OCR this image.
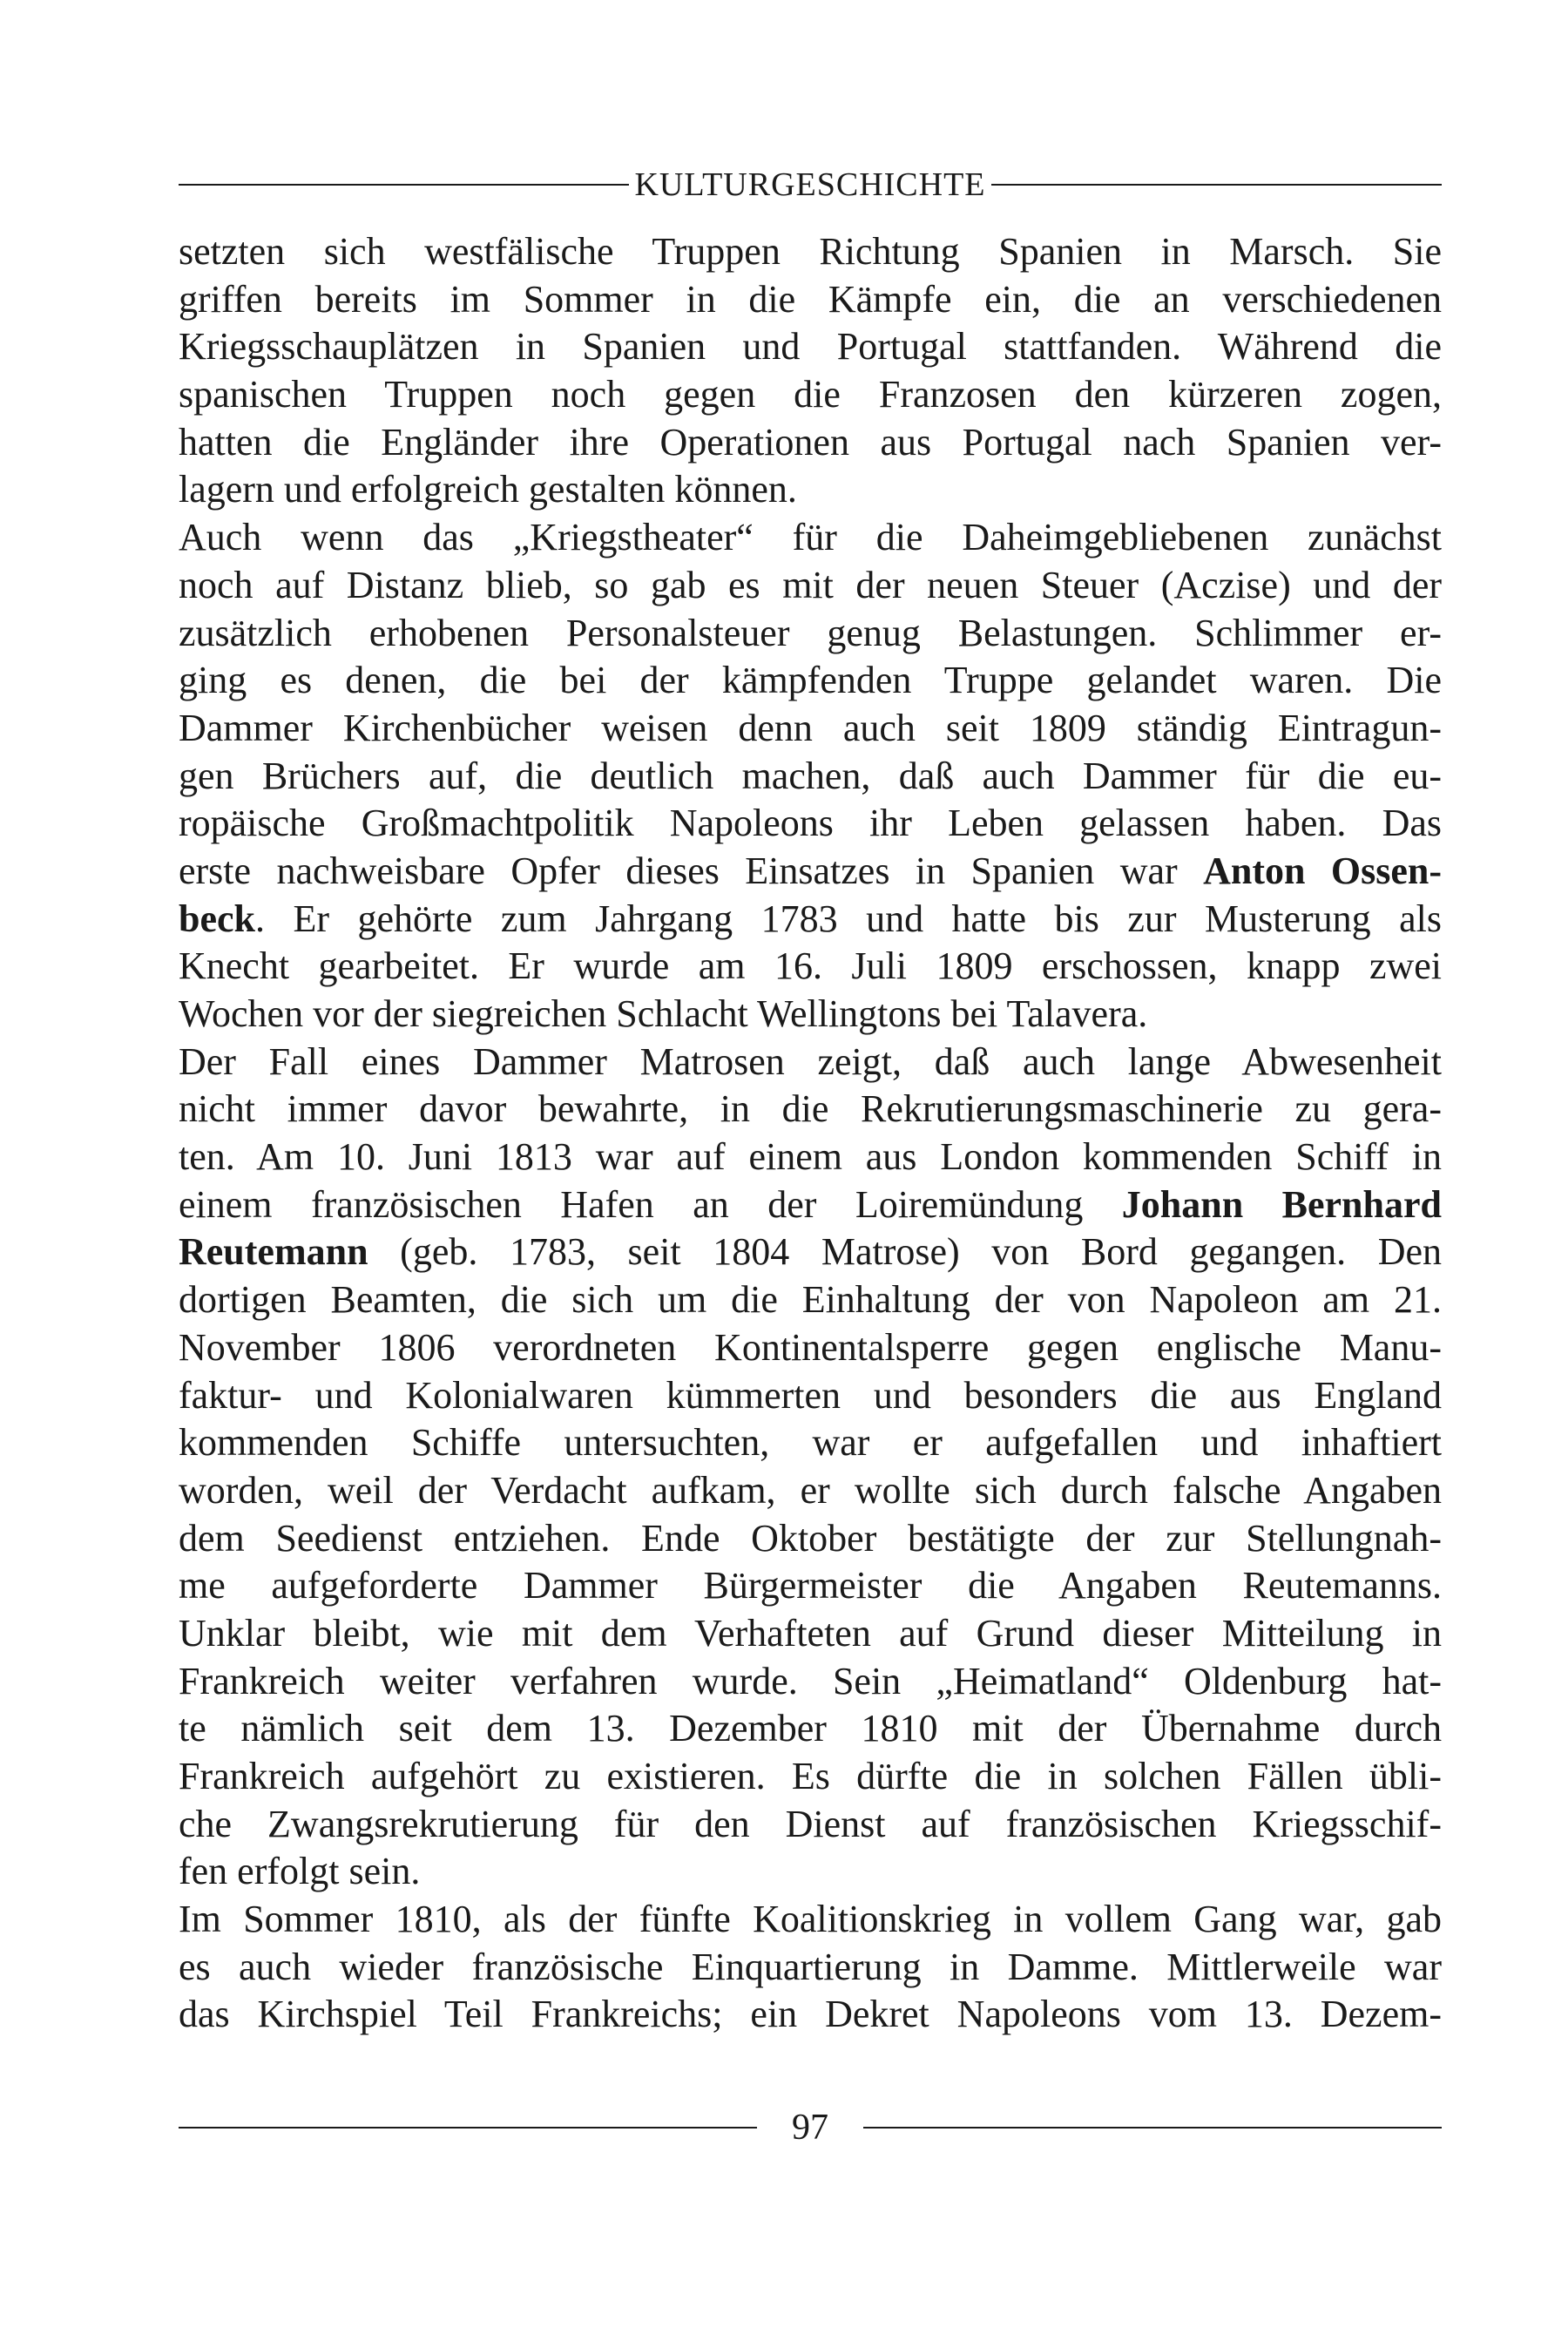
KULTURGESCHICHTE
setzten sich westfälische Truppen Richtung Spanien in Marsch. Sie
griffen bereits im Sommer in die Kämpfe ein, die an verschiedenen
Kriegsschauplätzen in Spanien und Portugal stattfanden. Während die
spanischen Truppen noch gegen die Franzosen den kürzeren zogen,
hatten die Engländer ihre Operationen aus Portugal nach Spanien ver-
lagern und erfolgreich gestalten können.
Auch wenn das „Kriegstheater“ für die Daheimgebliebenen zunächst
noch auf Distanz blieb, so gab es mit der neuen Steuer (Aczise) und der
zusätzlich erhobenen Personalsteuer genug Belastungen. Schlimmer er-
ging es denen, die bei der kämpfenden Truppe gelandet waren. Die
Dammer Kirchenbücher weisen denn auch seit 1809 ständig Eintragun-
gen Brüchers auf, die deutlich machen, daß auch Dammer für die eu-
ropäische Großmachtpolitik Napoleons ihr Leben gelassen haben. Das
erste nachweisbare Opfer dieses Einsatzes in Spanien war Anton Ossen-
beck. Er gehörte zum Jahrgang 1783 und hatte bis zur Musterung als
Knecht gearbeitet. Er wurde am 16. Juli 1809 erschossen, knapp zwei
Wochen vor der siegreichen Schlacht Wellingtons bei Talavera.
Der Fall eines Dammer Matrosen zeigt, daß auch lange Abwesenheit
nicht immer davor bewahrte, in die Rekrutierungsmaschinerie zu gera-
ten. Am 10. Juni 1813 war auf einem aus London kommenden Schiff in
einem französischen Hafen an der Loiremündung Johann Bernhard
Reutemann (geb. 1783, seit 1804 Matrose) von Bord gegangen. Den
dortigen Beamten, die sich um die Einhaltung der von Napoleon am 21.
November 1806 verordneten Kontinentalsperre gegen englische Manu-
faktur- und Kolonialwaren kümmerten und besonders die aus England
kommenden Schiffe untersuchten, war er aufgefallen und inhaftiert
worden, weil der Verdacht aufkam, er wollte sich durch falsche Angaben
dem Seedienst entziehen. Ende Oktober bestätigte der zur Stellungnah-
me aufgeforderte Dammer Bürgermeister die Angaben Reutemanns.
Unklar bleibt, wie mit dem Verhafteten auf Grund dieser Mitteilung in
Frankreich weiter verfahren wurde. Sein „Heimatland“ Oldenburg hat-
te nämlich seit dem 13. Dezember 1810 mit der Übernahme durch
Frankreich aufgehört zu existieren. Es dürfte die in solchen Fällen übli-
che Zwangsrekrutierung für den Dienst auf französischen Kriegsschif-
fen erfolgt sein.
Im Sommer 1810, als der fünfte Koalitionskrieg in vollem Gang war, gab
es auch wieder französische Einquartierung in Damme. Mittlerweile war
das Kirchspiel Teil Frankreichs; ein Dekret Napoleons vom 13. Dezem-
97
